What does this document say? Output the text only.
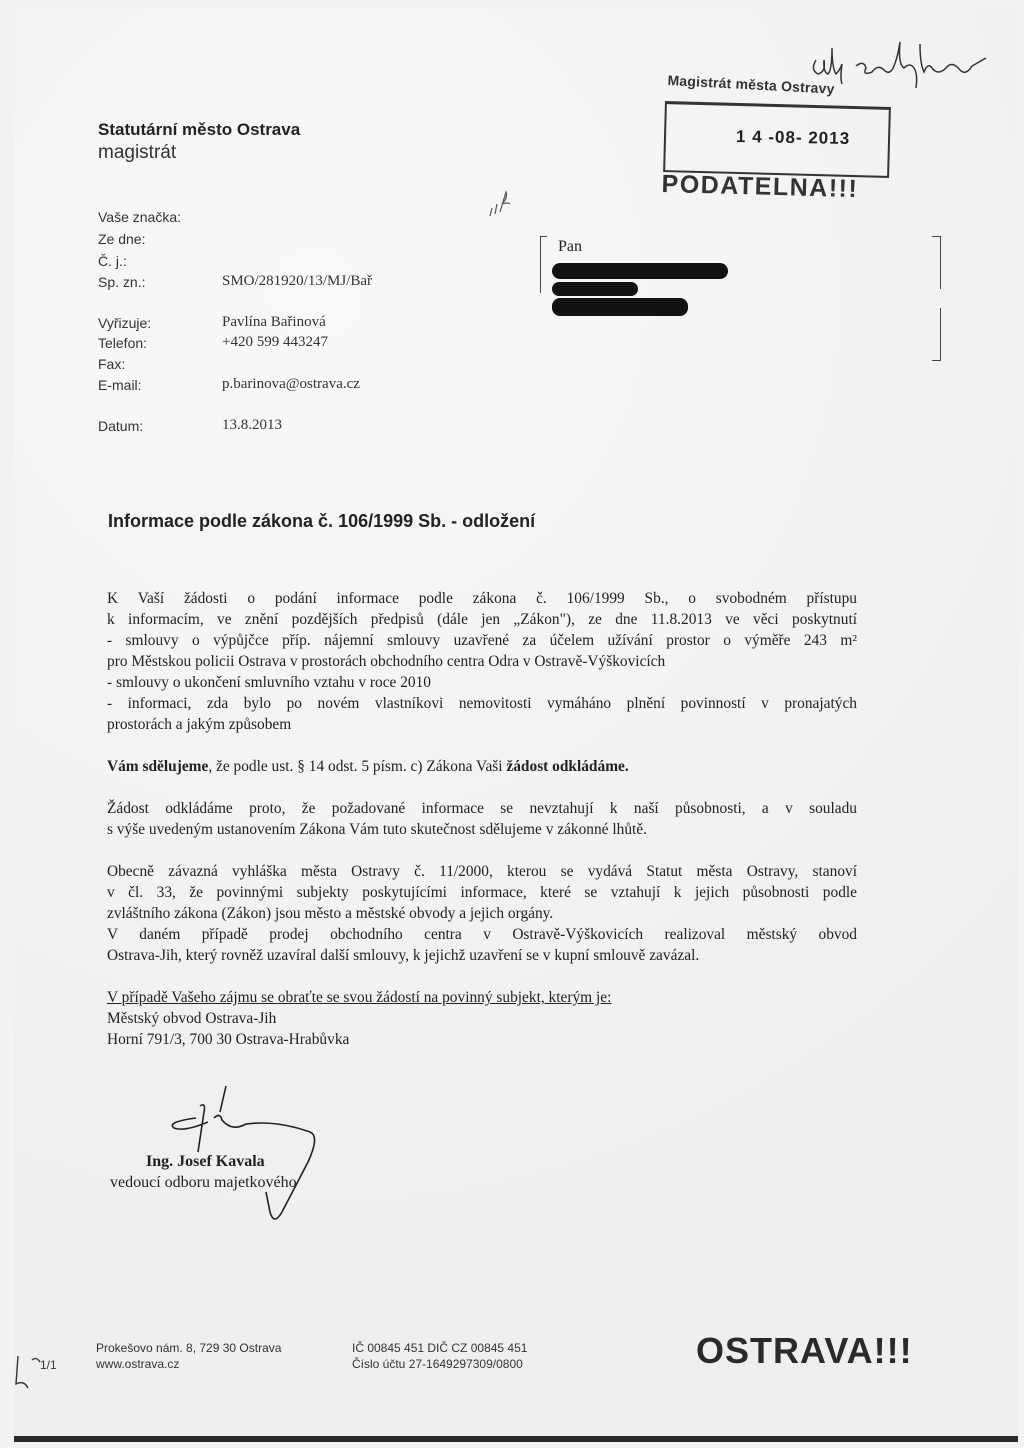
Statutární město Ostrava
magistrát
Magistrát města Ostravy
1 4 -08- 2013
PODATELNA!!!
Vaše značka:
Ze dne:
Č. j.:
Sp. zn.:	SMO/281920/13/MJ/Bař
Vyřizuje:	Pavlína Bařinová
Telefon:	+420 599 443247
Fax:
E-mail:	p.barinova@ostrava.cz
Datum:	13.8.2013
Pan
Informace podle zákona č. 106/1999 Sb. - odložení
K Vaší žádosti o podání informace podle zákona č. 106/1999 Sb., o svobodném přístupu
k informacím, ve znění pozdějších předpisů (dále jen „Zákon"), ze dne 11.8.2013 ve věci poskytnutí
- smlouvy o výpůjčce příp. nájemní smlouvy uzavřené za účelem užívání prostor o výměře 243 m²
pro Městskou policii Ostrava v prostorách obchodního centra Odra v Ostravě-Výškovicích
- smlouvy o ukončení smluvního vztahu v roce 2010
- informaci, zda bylo po novém vlastníkovi nemovitosti vymáháno plnění povinností v pronajatých
prostorách a jakým způsobem
Vám sdělujeme, že podle ust. § 14 odst. 5 písm. c) Zákona Vaši žádost odkládáme.
Žádost odkládáme proto, že požadované informace se nevztahují k naší působnosti, a v souladu
s výše uvedeným ustanovením Zákona Vám tuto skutečnost sdělujeme v zákonné lhůtě.
Obecně závazná vyhláška města Ostravy č. 11/2000, kterou se vydává Statut města Ostravy, stanoví
v čl. 33, že povinnými subjekty poskytujícími informace, které se vztahují k jejich působnosti podle
zvláštního zákona (Zákon) jsou město a městské obvody a jejich orgány.
V daném případě prodej obchodního centra v Ostravě-Výškovicích realizoval městský obvod
Ostrava-Jih, který rovněž uzavíral další smlouvy, k jejichž uzavření se v kupní smlouvě zavázal.
V případě Vašeho zájmu se obraťte se svou žádostí na povinný subjekt, kterým je:
Městský obvod Ostrava-Jih
Horní 791/3, 700 30 Ostrava-Hrabůvka
Ing. Josef Kavala
vedoucí odboru majetkového
1/1
Prokešovo nám. 8, 729 30 Ostrava
www.ostrava.cz
IČ 00845 451 DIČ CZ 00845 451
Číslo účtu 27-1649297309/0800	OSTRAVA!!!
